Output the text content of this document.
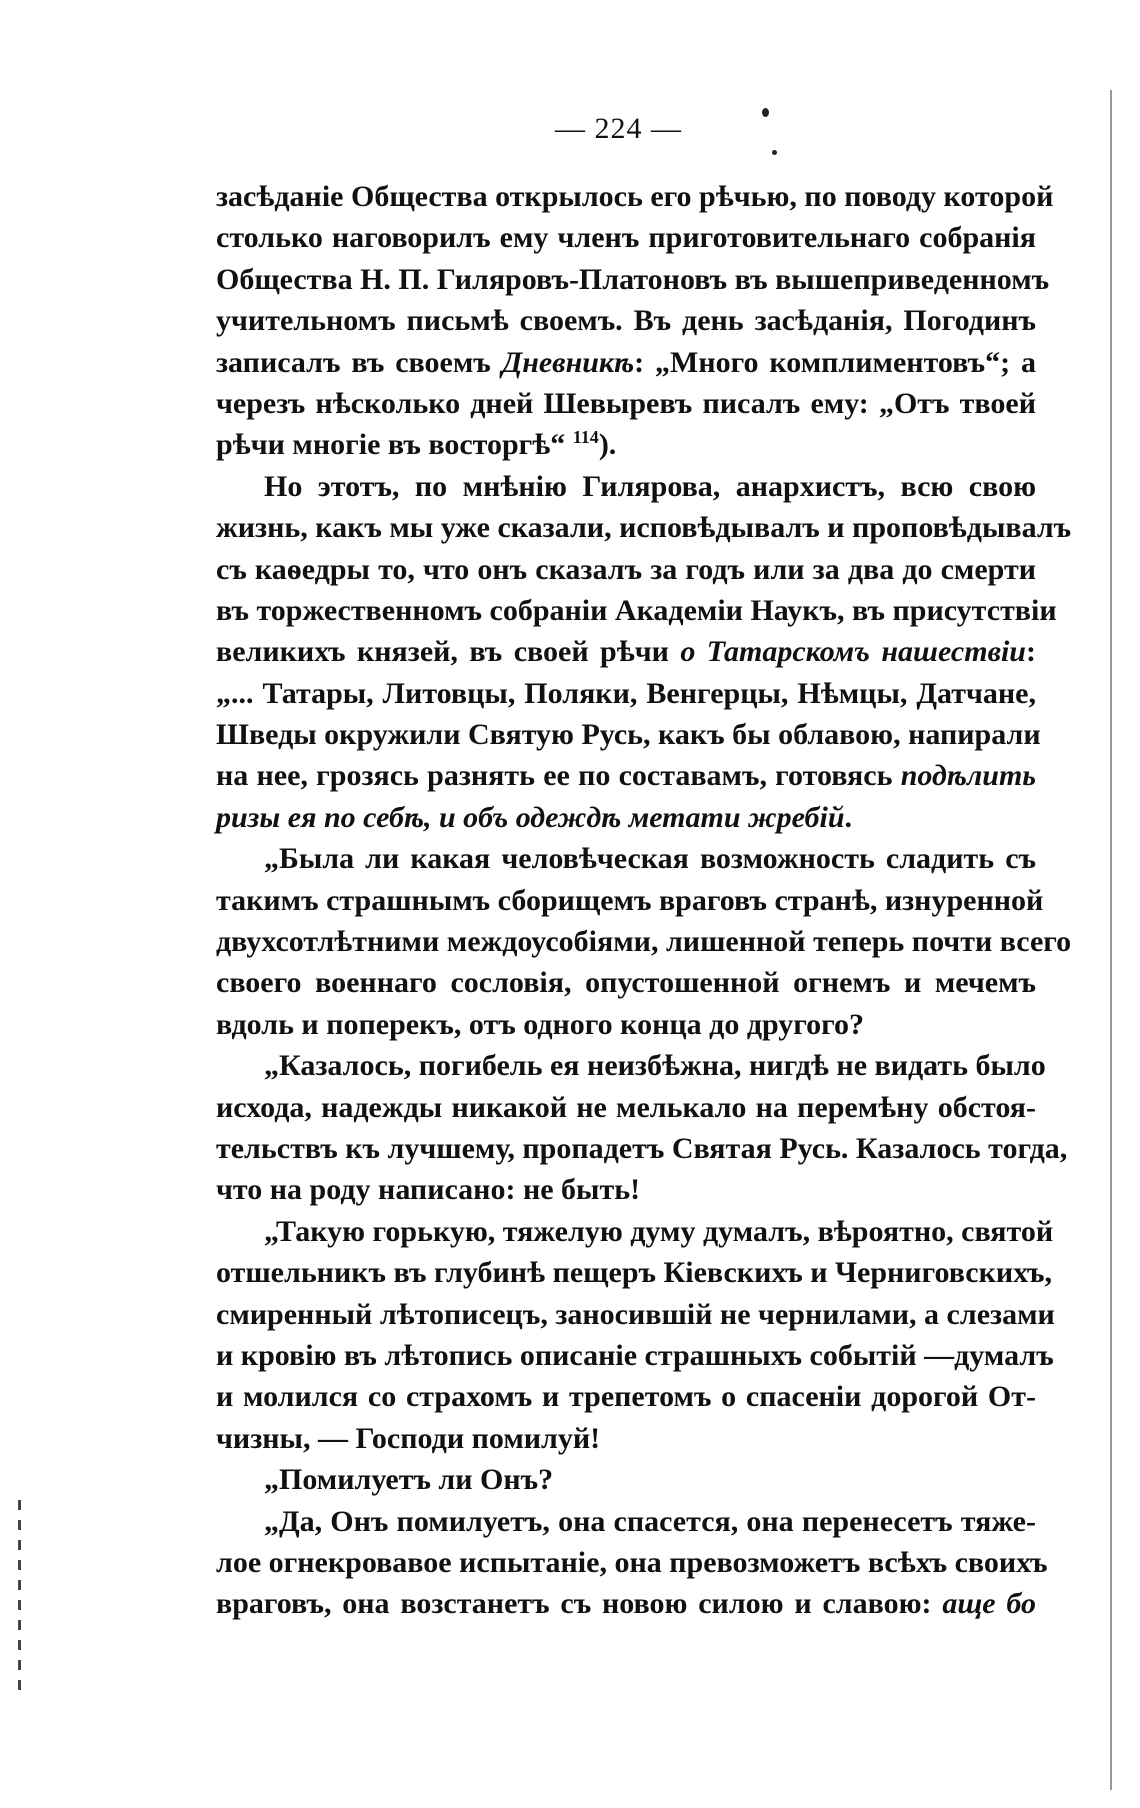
— 224 —
засѣданіе Общества открылось его рѣчью, по поводу которой
столько наговорилъ ему членъ приготовительнаго собранія
Общества Н. П. Гиляровъ-Платоновъ въ вышеприведенномъ
учительномъ письмѣ своемъ. Въ день засѣданія, Погодинъ
записалъ въ своемъ Дневникѣ: „Много комплиментовъ“; а
черезъ нѣсколько дней Шевыревъ писалъ ему: „Отъ твоей
рѣчи многіе въ восторгѣ“ $^{114}$).
Но этотъ, по мнѣнію Гилярова, анархистъ, всю свою
жизнь, какъ мы уже сказали, исповѣдывалъ и проповѣдывалъ
съ каѳедры то, что онъ сказалъ за годъ или за два до смерти
въ торжественномъ собраніи Академіи Наукъ, въ присутствіи
великихъ князей, въ своей рѣчи о Татарскомъ нашествіи:
„... Татары, Литовцы, Поляки, Венгерцы, Нѣмцы, Датчане,
Шведы окружили Святую Русь, какъ бы облавою, напирали
на нее, грозясь разнять ее по составамъ, готовясь подѣлить
ризы ея по себѣ, и объ одеждѣ метати жребій.
„Была ли какая человѣческая возможность сладить съ
такимъ страшнымъ сборищемъ враговъ странѣ, изнуренной
двухсотлѣтними междоусобіями, лишенной теперь почти всего
своего военнаго сословія, опустошенной огнемъ и мечемъ
вдоль и поперекъ, отъ одного конца до другого?
„Казалось, погибель ея неизбѣжна, нигдѣ не видать было
исхода, надежды никакой не мелькало на перемѣну обстоя-
тельствъ къ лучшему, пропадетъ Святая Русь. Казалось тогда,
что на роду написано: не быть!
„Такую горькую, тяжелую думу думалъ, вѣроятно, святой
отшельникъ въ глубинѣ пещеръ Кіевскихъ и Черниговскихъ,
смиренный лѣтописецъ, заносившій не чернилами, а слезами
и кровію въ лѣтопись описаніе страшныхъ событій —думалъ
и молился со страхомъ и трепетомъ о спасеніи дорогой От-
чизны, — Господи помилуй!
„Помилуетъ ли Онъ?
„Да, Онъ помилуетъ, она спасется, она перенесетъ тяже-
лое огнекровавое испытаніе, она превозможетъ всѣхъ своихъ
враговъ, она возстанетъ съ новою силою и славою: аще бо
